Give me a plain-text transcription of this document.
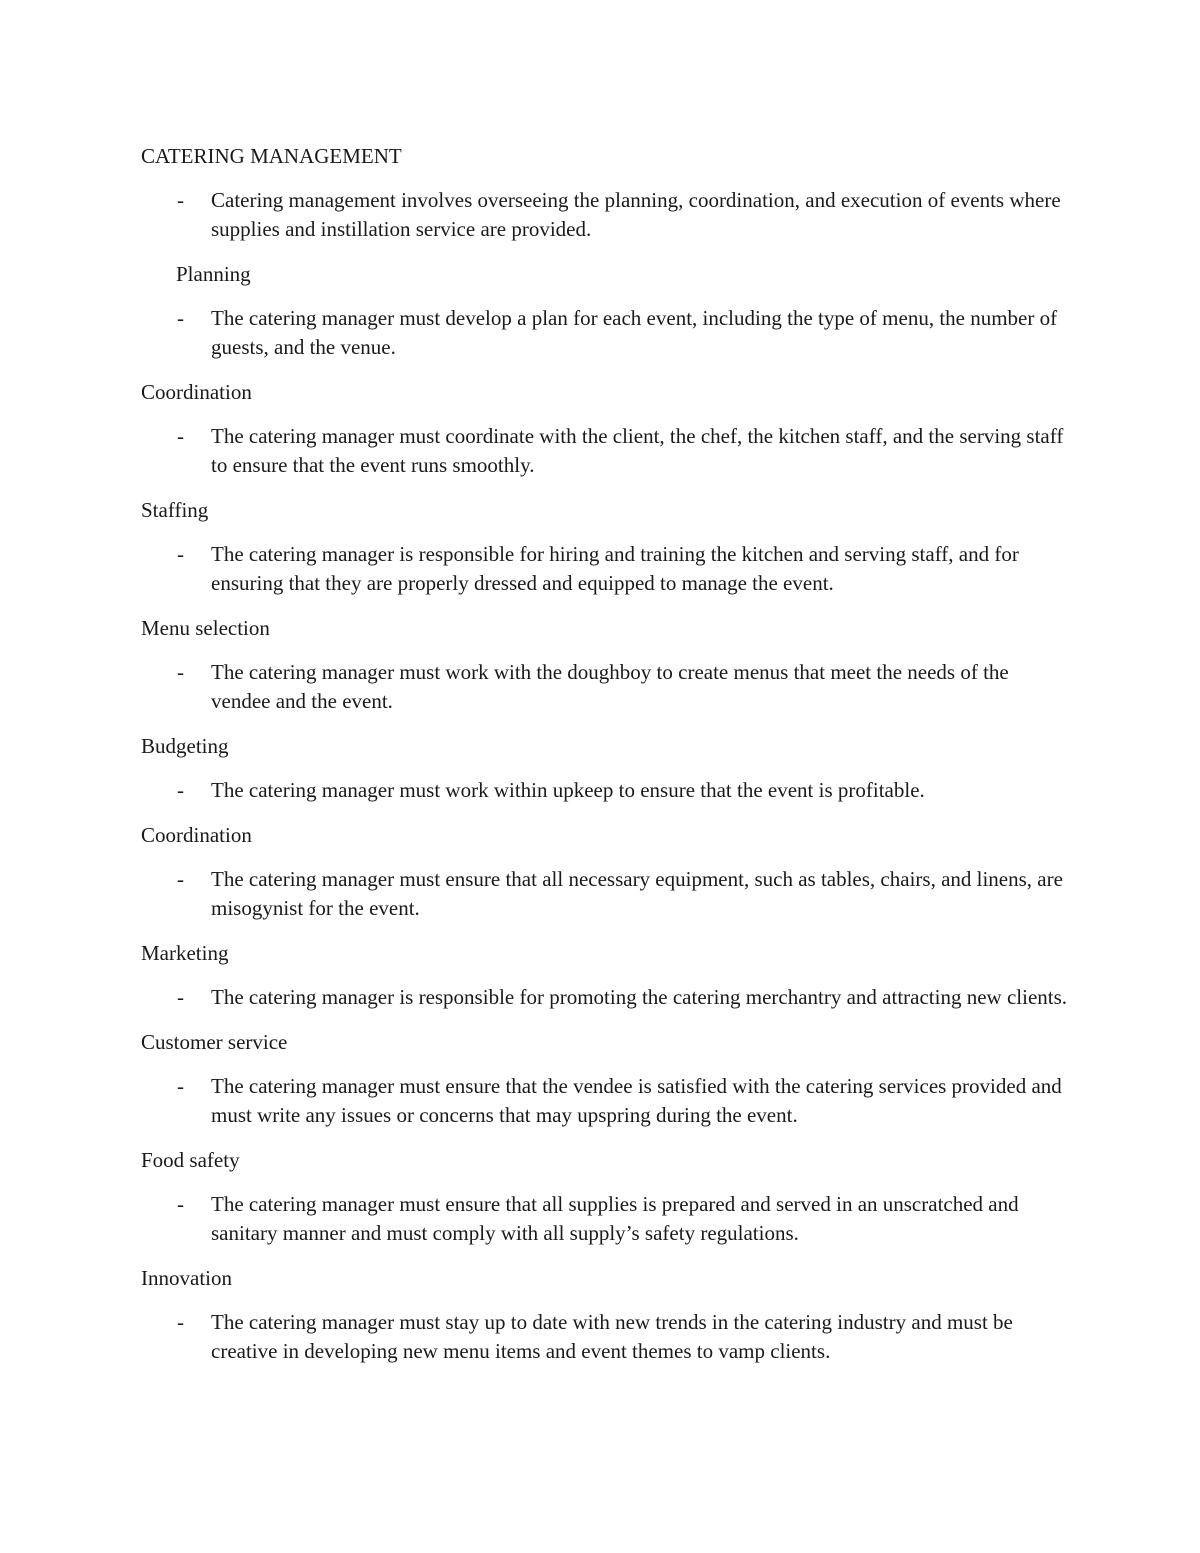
CATERING MANAGEMENT
- Catering management involves overseeing the planning, coordination, and execution of events where supplies and instillation service are provided.
Planning
- The catering manager must develop a plan for each event, including the type of menu, the number of guests, and the venue.
Coordination
- The catering manager must coordinate with the client, the chef, the kitchen staff, and the serving staff to ensure that the event runs smoothly.
Staffing
- The catering manager is responsible for hiring and training the kitchen and serving staff, and for ensuring that they are properly dressed and equipped to manage the event.
Menu selection
- The catering manager must work with the doughboy to create menus that meet the needs of the vendee and the event.
Budgeting
- The catering manager must work within upkeep to ensure that the event is profitable.
Coordination
- The catering manager must ensure that all necessary equipment, such as tables, chairs, and linens, are misogynist for the event.
Marketing
- The catering manager is responsible for promoting the catering merchantry and attracting new clients.
Customer service
- The catering manager must ensure that the vendee is satisfied with the catering services provided and must write any issues or concerns that may upspring during the event.
Food safety
- The catering manager must ensure that all supplies is prepared and served in an unscratched and sanitary manner and must comply with all supply’s safety regulations.
Innovation
- The catering manager must stay up to date with new trends in the catering industry and must be creative in developing new menu items and event themes to vamp clients.
